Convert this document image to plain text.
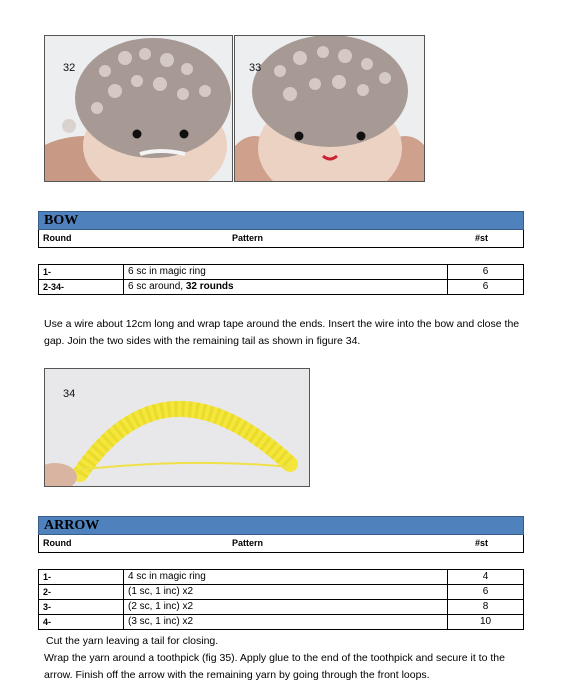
32	33
BOW
Round	Pattern	#st
1-	6 sc in magic ring	6
2-34-	6 sc around, 32 rounds	6
Use a wire about 12cm long and wrap tape around the ends. Insert the wire into the bow and close the gap. Join the two sides with the remaining tail as shown in figure 34.
34
ARROW
Round	Pattern	#st
1-	4 sc in magic ring	4
2-	(1 sc, 1 inc) x2	6
3-	(2 sc, 1 inc) x2	8
4-	(3 sc, 1 inc) x2	10
Cut the yarn leaving a tail for closing.
Wrap the yarn around a toothpick (fig 35). Apply glue to the end of the toothpick and secure it to the arrow. Finish off the arrow with the remaining yarn by going through the front loops.
